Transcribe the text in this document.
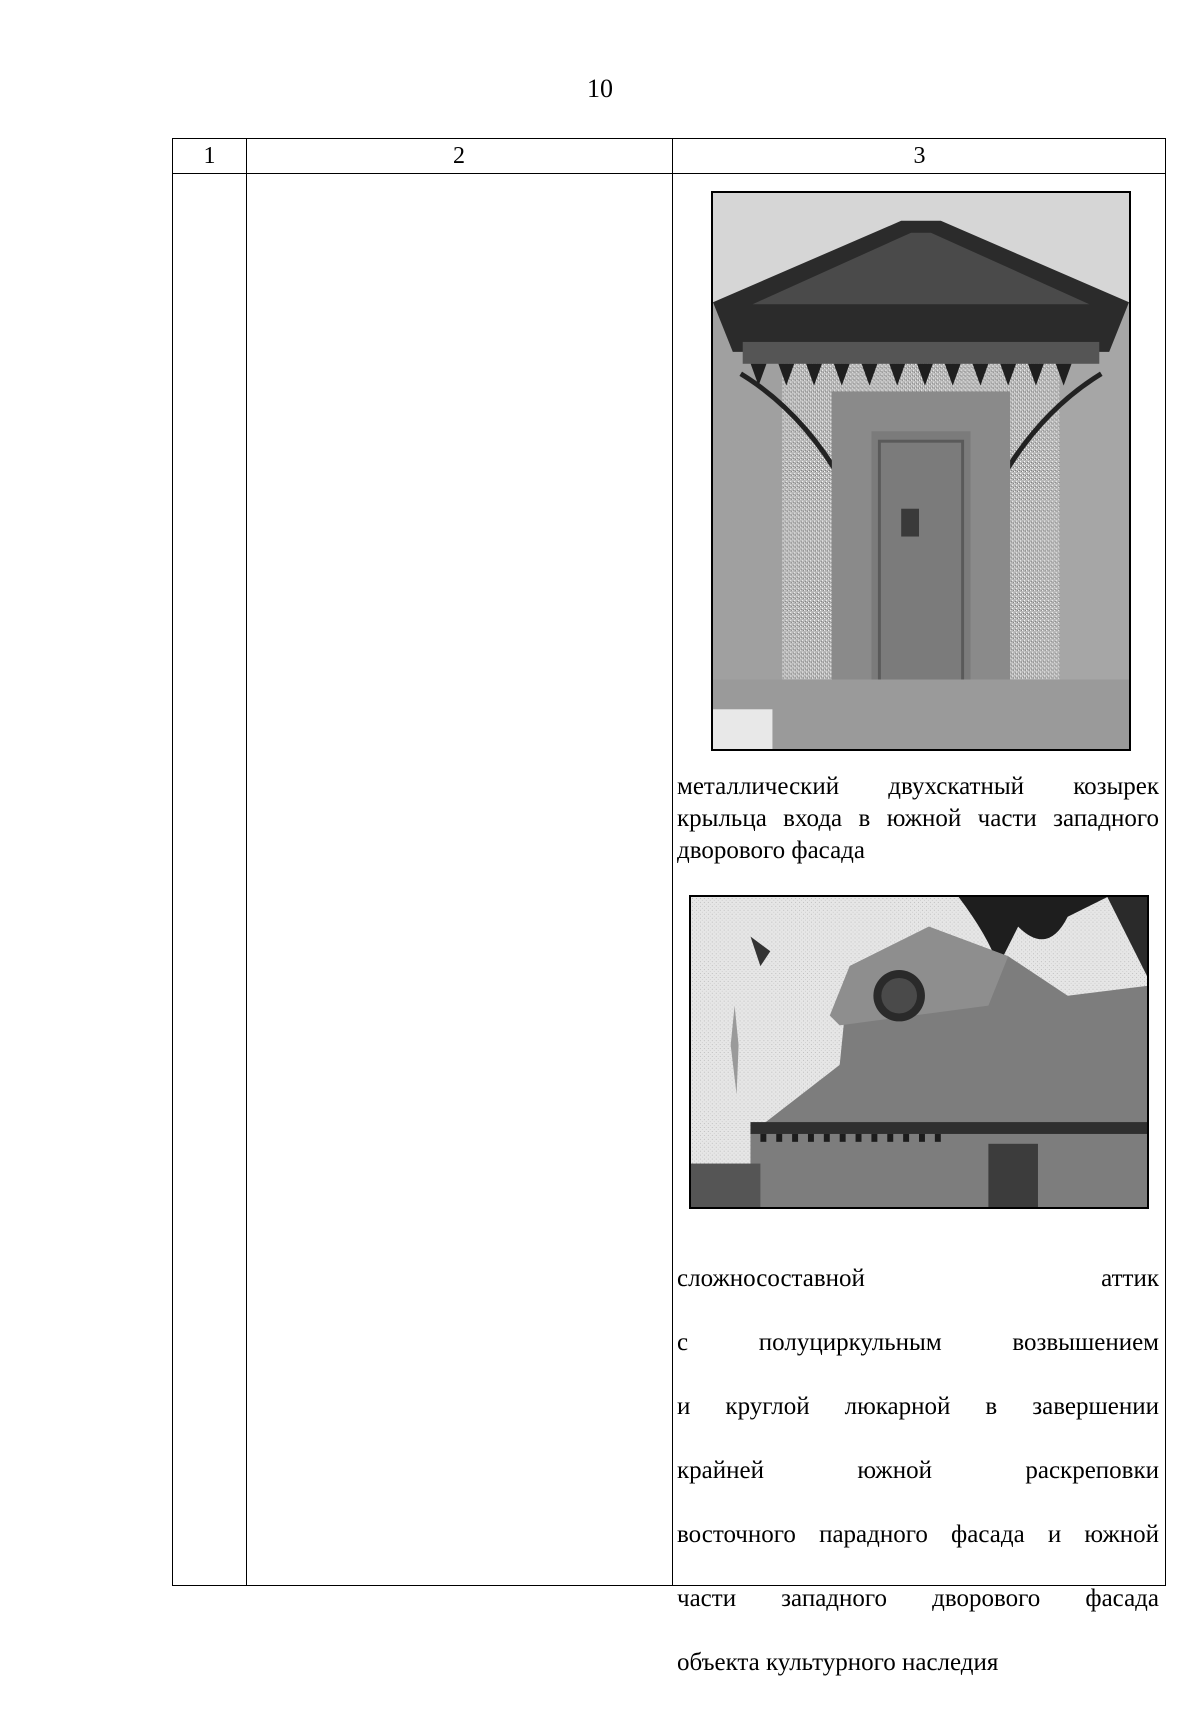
10
1	2	3
металлический двухскатный козырек крыльца входа в южной части западного дворового фасада

сложносоставной аттик

с полуциркульным возвышением

и круглой люкарной в завершении

крайней южной раскреповки

восточного парадного фасада и южной

части западного дворового фасада

объекта культурного наследия
